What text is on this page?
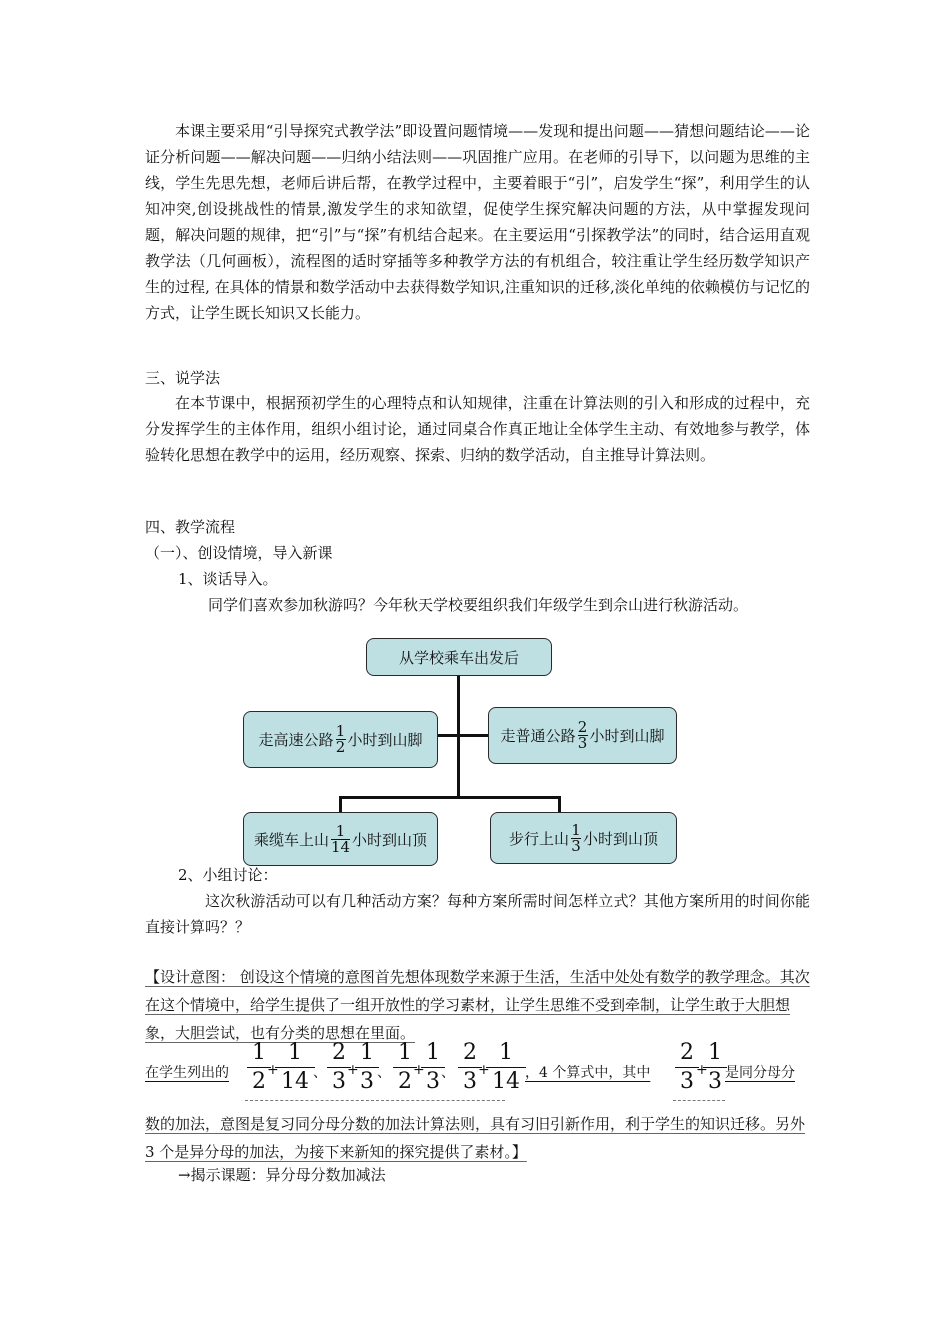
本课主要采用“引导探究式教学法”即设置问题情境——发现和提出问题——猜想问题结论——论证分析问题——解决问题——归纳小结法则——巩固推广应用。在老师的引导下，以问题为思维的主线，学生先思先想，老师后讲后帮，在教学过程中，主要着眼于“引”，启发学生“探”，利用学生的认知冲突,创设挑战性的情景,激发学生的求知欲望，促使学生探究解决问题的方法，从中掌握发现问题，解决问题的规律，把“引”与“探”有机结合起来。在主要运用“引探教学法”的同时，结合运用直观教学法（几何画板），流程图的适时穿插等多种教学方法的有机组合，较注重让学生经历数学知识产生的过程, 在具体的情景和数学活动中去获得数学知识,注重知识的迁移,淡化单纯的依赖模仿与记忆的方式，让学生既长知识又长能力。
三、说学法
在本节课中，根据预初学生的心理特点和认知规律，注重在计算法则的引入和形成的过程中，充分发挥学生的主体作用，组织小组讨论，通过同桌合作真正地让全体学生主动、有效地参与教学，体验转化思想在教学中的运用，经历观察、探索、归纳的数学活动，自主推导计算法则。
四、教学流程
（一）、创设情境，导入新课
1、谈话导入。
同学们喜欢参加秋游吗？今年秋天学校要组织我们年级学生到佘山进行秋游活动。
从学校乘车出发后
走高速公路 $\frac{1}{2}$ 小时到山脚	走普通公路 $\frac{2}{3}$ 小时到山脚
乘缆车上山 $\frac{1}{14}$ 小时到山顶	步行上山 $\frac{1}{3}$ 小时到山顶
2、小组讨论：
这次秋游活动可以有几种活动方案？每种方案所需时间怎样立式？其他方案所用的时间你能直接计算吗？？
【设计意图： 创设这个情境的意图首先想体现数学来源于生活，生活中处处有数学的教学理念。其次在这个情境中，给学生提供了一组开放性的学习素材，让学生思维不受到牵制，让学生敢于大胆想象，大胆尝试，也有分类的思想在里面。
在学生列出的
1
2 +
1
14 、
2
3 +
1
3 、
1
2 +
1
3 、
2
3 +
1
14 ，4 个算式中，其中
2
3 +
1
3 是同分母分
数的加法，意图是复习同分母分数的加法计算法则，具有习旧引新作用，利于学生的知识迁移。另外 3 个是异分母的加法，为接下来新知的探究提供了素材。】
→揭示课题：异分母分数加减法
